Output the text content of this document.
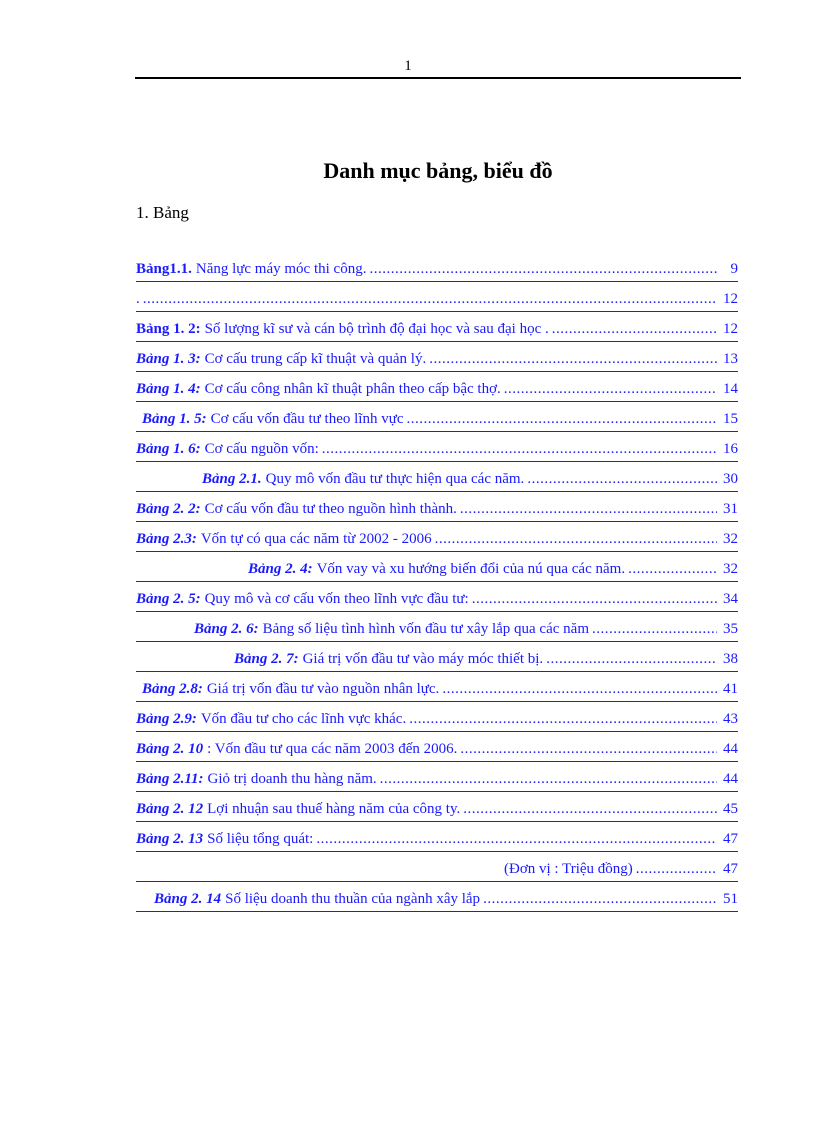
1
Danh mục bảng, biểu đồ
1. Bảng
Bảng1.1. Năng lực máy móc thi công. .....	9
. .....	12
Bảng 1. 2: Số lượng kĩ sư và cán bộ trình độ đại học và sau đại học . .....	12
Bảng 1. 3: Cơ cấu trung cấp kĩ thuật và quản lý. .....	13
Bảng 1. 4: Cơ cấu công nhân kĩ thuật phân theo cấp bậc thợ. .....	14
Bảng 1. 5: Cơ cấu vốn đầu tư theo lĩnh vực .....	15
Bảng 1. 6: Cơ cấu nguồn vốn: .....	16
Bảng 2.1. Quy mô vốn đầu tư thực hiện qua các năm. .....	30
Bảng 2. 2: Cơ cấu vốn đầu tư theo nguồn hình thành. .....	31
Bảng 2.3: Vốn tự có qua các năm từ 2002 - 2006 .....	32
Bảng 2. 4: Vốn vay và xu hướng biến đổi của nú qua các năm. .....	32
Bảng 2. 5: Quy mô và cơ cấu vốn theo lĩnh vực đầu tư: .....	34
Bảng 2. 6: Bảng số liệu tình hình vốn đầu tư xây lắp qua các năm .....	35
Bảng 2. 7: Giá trị vốn đầu tư vào máy móc thiết bị. .....	38
Bảng 2.8: Giá trị vốn đầu tư vào nguồn nhân lực. .....	41
Bảng 2.9: Vốn đầu tư cho các lĩnh vực khác. .....	43
Bảng 2. 10 : Vốn đầu tư qua các năm 2003 đến 2006. .....	44
Bảng 2.11: Giỏ trị doanh thu hàng năm. .....	44
Bảng 2. 12 Lợi nhuận sau thuế hàng năm của công ty. .....	45
Bảng 2. 13 Số liệu tổng quát: .....	47
(Đơn vị : Triệu đồng) .....	47
Bảng 2. 14 Số liệu doanh thu thuần của ngành xây lắp .....	51
